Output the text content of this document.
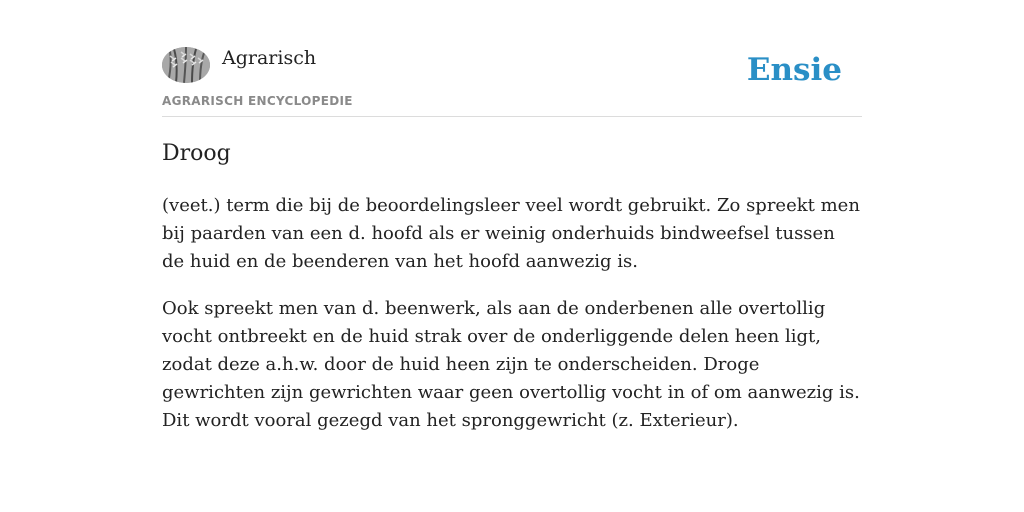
Agrarisch
AGRARISCH ENCYCLOPEDIE
Ensie
Droog

(veet.) term die bij de beoordelingsleer veel wordt gebruikt. Zo spreekt men bij paarden van een d. hoofd als er weinig onderhuids bindweefsel tussen de huid en de beenderen van het hoofd aanwezig is.

Ook spreekt men van d. beenwerk, als aan de onderbenen alle overtollig vocht ontbreekt en de huid strak over de onderliggende delen heen ligt, zodat deze a.h.w. door de huid heen zijn te onderscheiden. Droge gewrichten zijn gewrichten waar geen overtollig vocht in of om aanwezig is. Dit wordt vooral gezegd van het spronggewricht (z. Exterieur).
